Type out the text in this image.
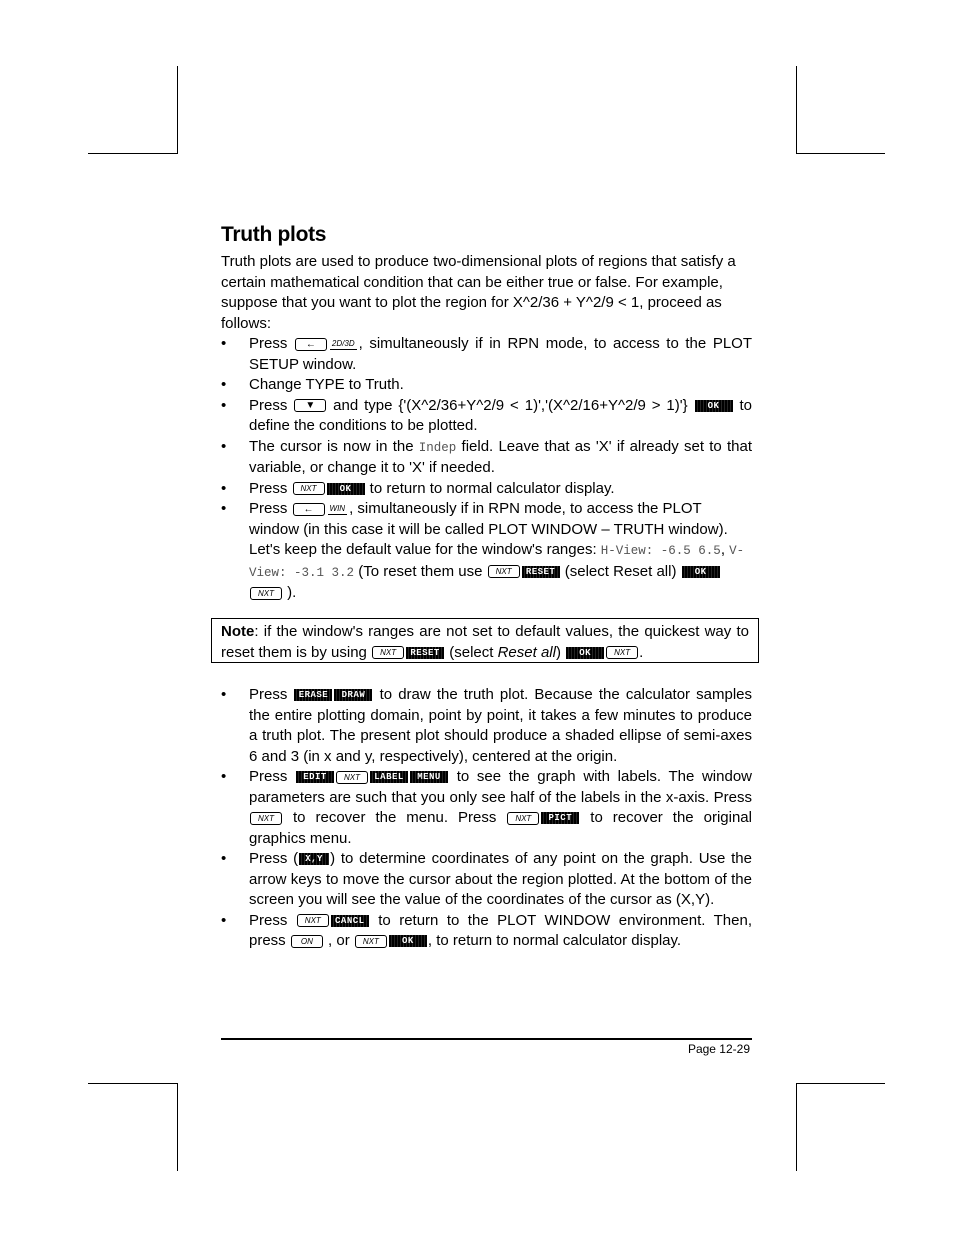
Truth plots

Truth plots are used to produce two-dimensional plots of regions that satisfy a certain mathematical condition that can be either true or false. For example, suppose that you want to plot the region for X^2/36 + Y^2/9 < 1, proceed as follows:

• Press ← 2D/3D , simultaneously if in RPN mode, to access to the PLOT SETUP window.
• Change TYPE to Truth.
• Press ▼ and type {'(X^2/36+Y^2/9 < 1)','(X^2/16+Y^2/9 > 1)'} OK to define the conditions to be plotted.
• The cursor is now in the Indep field. Leave that as 'X' if already set to that variable, or change it to 'X' if needed.
• Press NXT	OK to return to normal calculator display.
• Press ← WIN , simultaneously if in RPN mode, to access the PLOT window (in this case it will be called PLOT WINDOW – TRUTH window). Let's keep the default value for the window's ranges: H-View: -6.5 6.5, V-View: -3.1 3.2 (To reset them use NXT RESET (select Reset all) OK NXT ).
Note: if the window's ranges are not set to default values, the quickest way to reset them is by using NXT RESET (select Reset all) OK	NXT .
• Press ERASE DRAW to draw the truth plot. Because the calculator samples the entire plotting domain, point by point, it takes a few minutes to produce a truth plot. The present plot should produce a shaded ellipse of semi-axes 6 and 3 (in x and y, respectively), centered at the origin.
• Press EDIT NXT LABEL MENU to see the graph with labels. The window parameters are such that you only see half of the labels in the x-axis. Press NXT to recover the menu. Press NXT PICT to recover the original graphics menu.
• Press ( X,Y ) to determine coordinates of any point on the graph. Use the arrow keys to move the cursor about the region plotted. At the bottom of the screen you will see the value of the coordinates of the cursor as (X,Y).
• Press NXT CANCL to return to the PLOT WINDOW environment. Then, press ON , or NXT	OK , to return to normal calculator display.
Page 12-29
